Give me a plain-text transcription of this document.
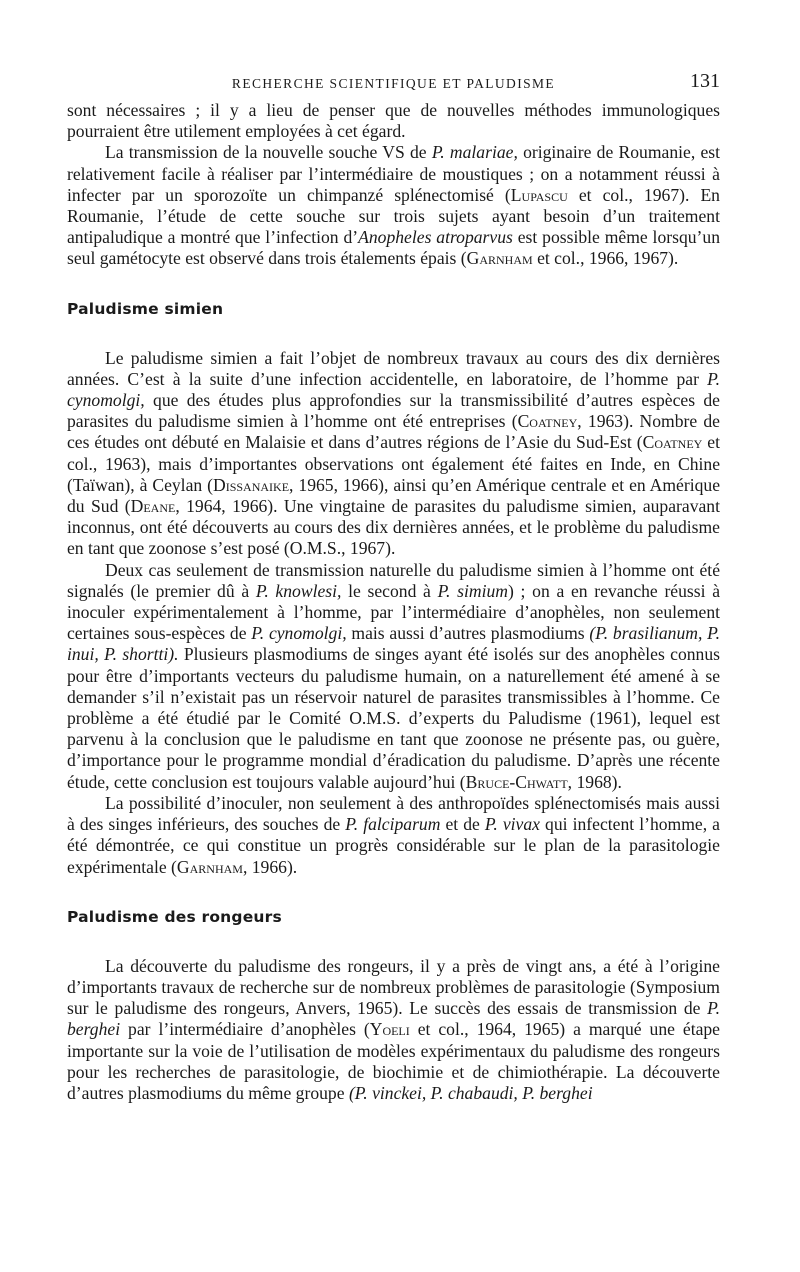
RECHERCHE SCIENTIFIQUE ET PALUDISME	131

sont nécessaires ; il y a lieu de penser que de nouvelles méthodes immunologiques pourraient être utilement employées à cet égard.

La transmission de la nouvelle souche VS de P. malariae, originaire de Roumanie, est relativement facile à réaliser par l’intermédiaire de moustiques ; on a notamment réussi à infecter par un sporozoïte un chimpanzé splénectomisé (Lupascu et col., 1967). En Roumanie, l’étude de cette souche sur trois sujets ayant besoin d’un traitement antipaludique a montré que l’infection d’Anopheles atroparvus est possible même lorsqu’un seul gamétocyte est observé dans trois étalements épais (Garnham et col., 1966, 1967).

Paludisme simien

Le paludisme simien a fait l’objet de nombreux travaux au cours des dix dernières années. C’est à la suite d’une infection accidentelle, en laboratoire, de l’homme par P. cynomolgi, que des études plus approfondies sur la transmissibilité d’autres espèces de parasites du paludisme simien à l’homme ont été entreprises (Coatney, 1963). Nombre de ces études ont débuté en Malaisie et dans d’autres régions de l’Asie du Sud-Est (Coatney et col., 1963), mais d’importantes observations ont également été faites en Inde, en Chine (Taïwan), à Ceylan (Dissanaike, 1965, 1966), ainsi qu’en Amérique centrale et en Amérique du Sud (Deane, 1964, 1966). Une vingtaine de parasites du paludisme simien, auparavant inconnus, ont été découverts au cours des dix dernières années, et le problème du paludisme en tant que zoonose s’est posé (O.M.S., 1967).

Deux cas seulement de transmission naturelle du paludisme simien à l’homme ont été signalés (le premier dû à P. knowlesi, le second à P. simium) ; on a en revanche réussi à inoculer expérimentalement à l’homme, par l’intermédiaire d’anophèles, non seulement certaines sous-espèces de P. cynomolgi, mais aussi d’autres plasmodiums (P. brasilianum, P. inui, P. shortti). Plusieurs plasmodiums de singes ayant été isolés sur des anophèles connus pour être d’importants vecteurs du paludisme humain, on a naturellement été amené à se demander s’il n’existait pas un réservoir naturel de parasites transmissibles à l’homme. Ce problème a été étudié par le Comité O.M.S. d’experts du Paludisme (1961), lequel est parvenu à la conclusion que le paludisme en tant que zoonose ne présente pas, ou guère, d’importance pour le programme mondial d’éradication du paludisme. D’après une récente étude, cette conclusion est toujours valable aujourd’hui (Bruce-Chwatt, 1968).

La possibilité d’inoculer, non seulement à des anthropoïdes splénectomisés mais aussi à des singes inférieurs, des souches de P. falciparum et de P. vivax qui infectent l’homme, a été démontrée, ce qui constitue un progrès considérable sur le plan de la parasitologie expérimentale (Garnham, 1966).

Paludisme des rongeurs

La découverte du paludisme des rongeurs, il y a près de vingt ans, a été à l’origine d’importants travaux de recherche sur de nombreux problèmes de parasitologie (Symposium sur le paludisme des rongeurs, Anvers, 1965). Le succès des essais de transmission de P. berghei par l’intermédiaire d’anophèles (Yoeli et col., 1964, 1965) a marqué une étape importante sur la voie de l’utilisation de modèles expérimentaux du paludisme des rongeurs pour les recherches de parasitologie, de biochimie et de chimiothérapie. La découverte d’autres plasmodiums du même groupe (P. vinckei, P. chabaudi, P. berghei
